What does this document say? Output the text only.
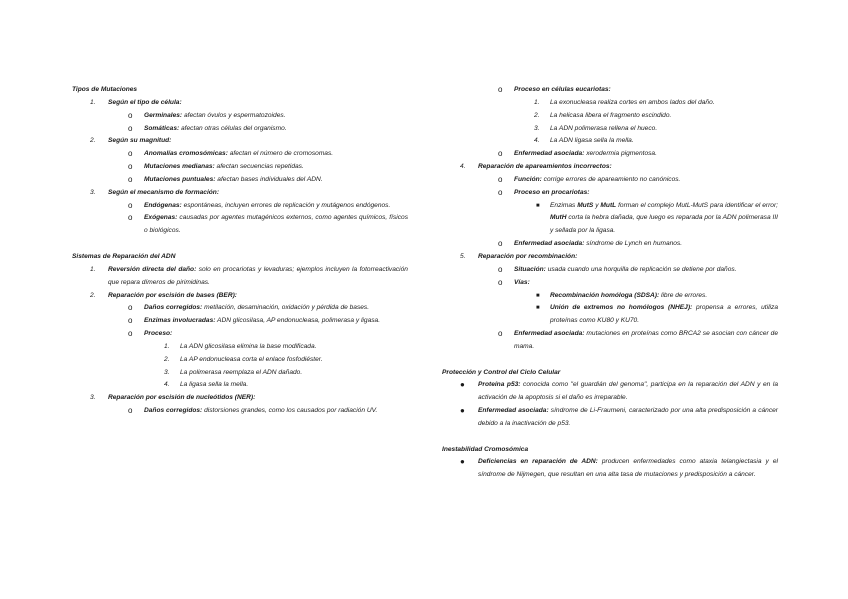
Tipos de Mutaciones
1. Según el tipo de célula:
o Germinales: afectan óvulos y espermatozoides.
o Somáticas: afectan otras células del organismo.
2. Según su magnitud:
o Anomalías cromosómicas: afectan el número de cromosomas.
o Mutaciones medianas: afectan secuencias repetidas.
o Mutaciones puntuales: afectan bases individuales del ADN.
3. Según el mecanismo de formación:
o Endógenas: espontáneas, incluyen errores de replicación y mutágenos endógenos.
o Exógenas: causadas por agentes mutagénicos externos, como agentes químicos, físicos o biológicos.
Sistemas de Reparación del ADN
1. Reversión directa del daño: solo en procariotas y levaduras; ejemplos incluyen la fotorreactivación que repara dímeros de pirimidinas.
2. Reparación por escisión de bases (BER):
o Daños corregidos: metilación, desaminación, oxidación y pérdida de bases.
o Enzimas involucradas: ADN glicosilasa, AP endonucleasa, polimerasa y ligasa.
o Proceso:
1. La ADN glicosilasa elimina la base modificada.
2. La AP endonucleasa corta el enlace fosfodiéster.
3. La polimerasa reemplaza el ADN dañado.
4. La ligasa sella la mella.
3. Reparación por escisión de nucleótidos (NER):
o Daños corregidos: distorsiones grandes, como los causados por radiación UV.
o Proceso en células eucariotas:
1. La exonucleasa realiza cortes en ambos lados del daño.
2. La helicasa libera el fragmento escindido.
3. La ADN polimerasa rellena el hueco.
4. La ADN ligasa sella la mella.
o Enfermedad asociada: xerodermia pigmentosa.
4. Reparación de apareamientos incorrectos:
o Función: corrige errores de apareamiento no canónicos.
o Proceso en procariotas:
■ Enzimas MutS y MutL forman el complejo MutL-MutS para identificar el error; MutH corta la hebra dañada, que luego es reparada por la ADN polimerasa III y sellada por la ligasa.
o Enfermedad asociada: síndrome de Lynch en humanos.
5. Reparación por recombinación:
o Situación: usada cuando una horquilla de replicación se detiene por daños.
o Vías:
■ Recombinación homóloga (SDSA): libre de errores.
■ Unión de extremos no homólogos (NHEJ): propensa a errores, utiliza proteínas como KU80 y KU70.
o Enfermedad asociada: mutaciones en proteínas como BRCA2 se asocian con cáncer de mama.
Protección y Control del Ciclo Celular
● Proteína p53: conocida como "el guardián del genoma", participa en la reparación del ADN y en la activación de la apoptosis si el daño es irreparable.
● Enfermedad asociada: síndrome de Li-Fraumeni, caracterizado por una alta predisposición a cáncer debido a la inactivación de p53.
Inestabilidad Cromosómica
● Deficiencias en reparación de ADN: producen enfermedades como ataxia telangiectasia y el síndrome de Nijmegen, que resultan en una alta tasa de mutaciones y predisposición a cáncer.
